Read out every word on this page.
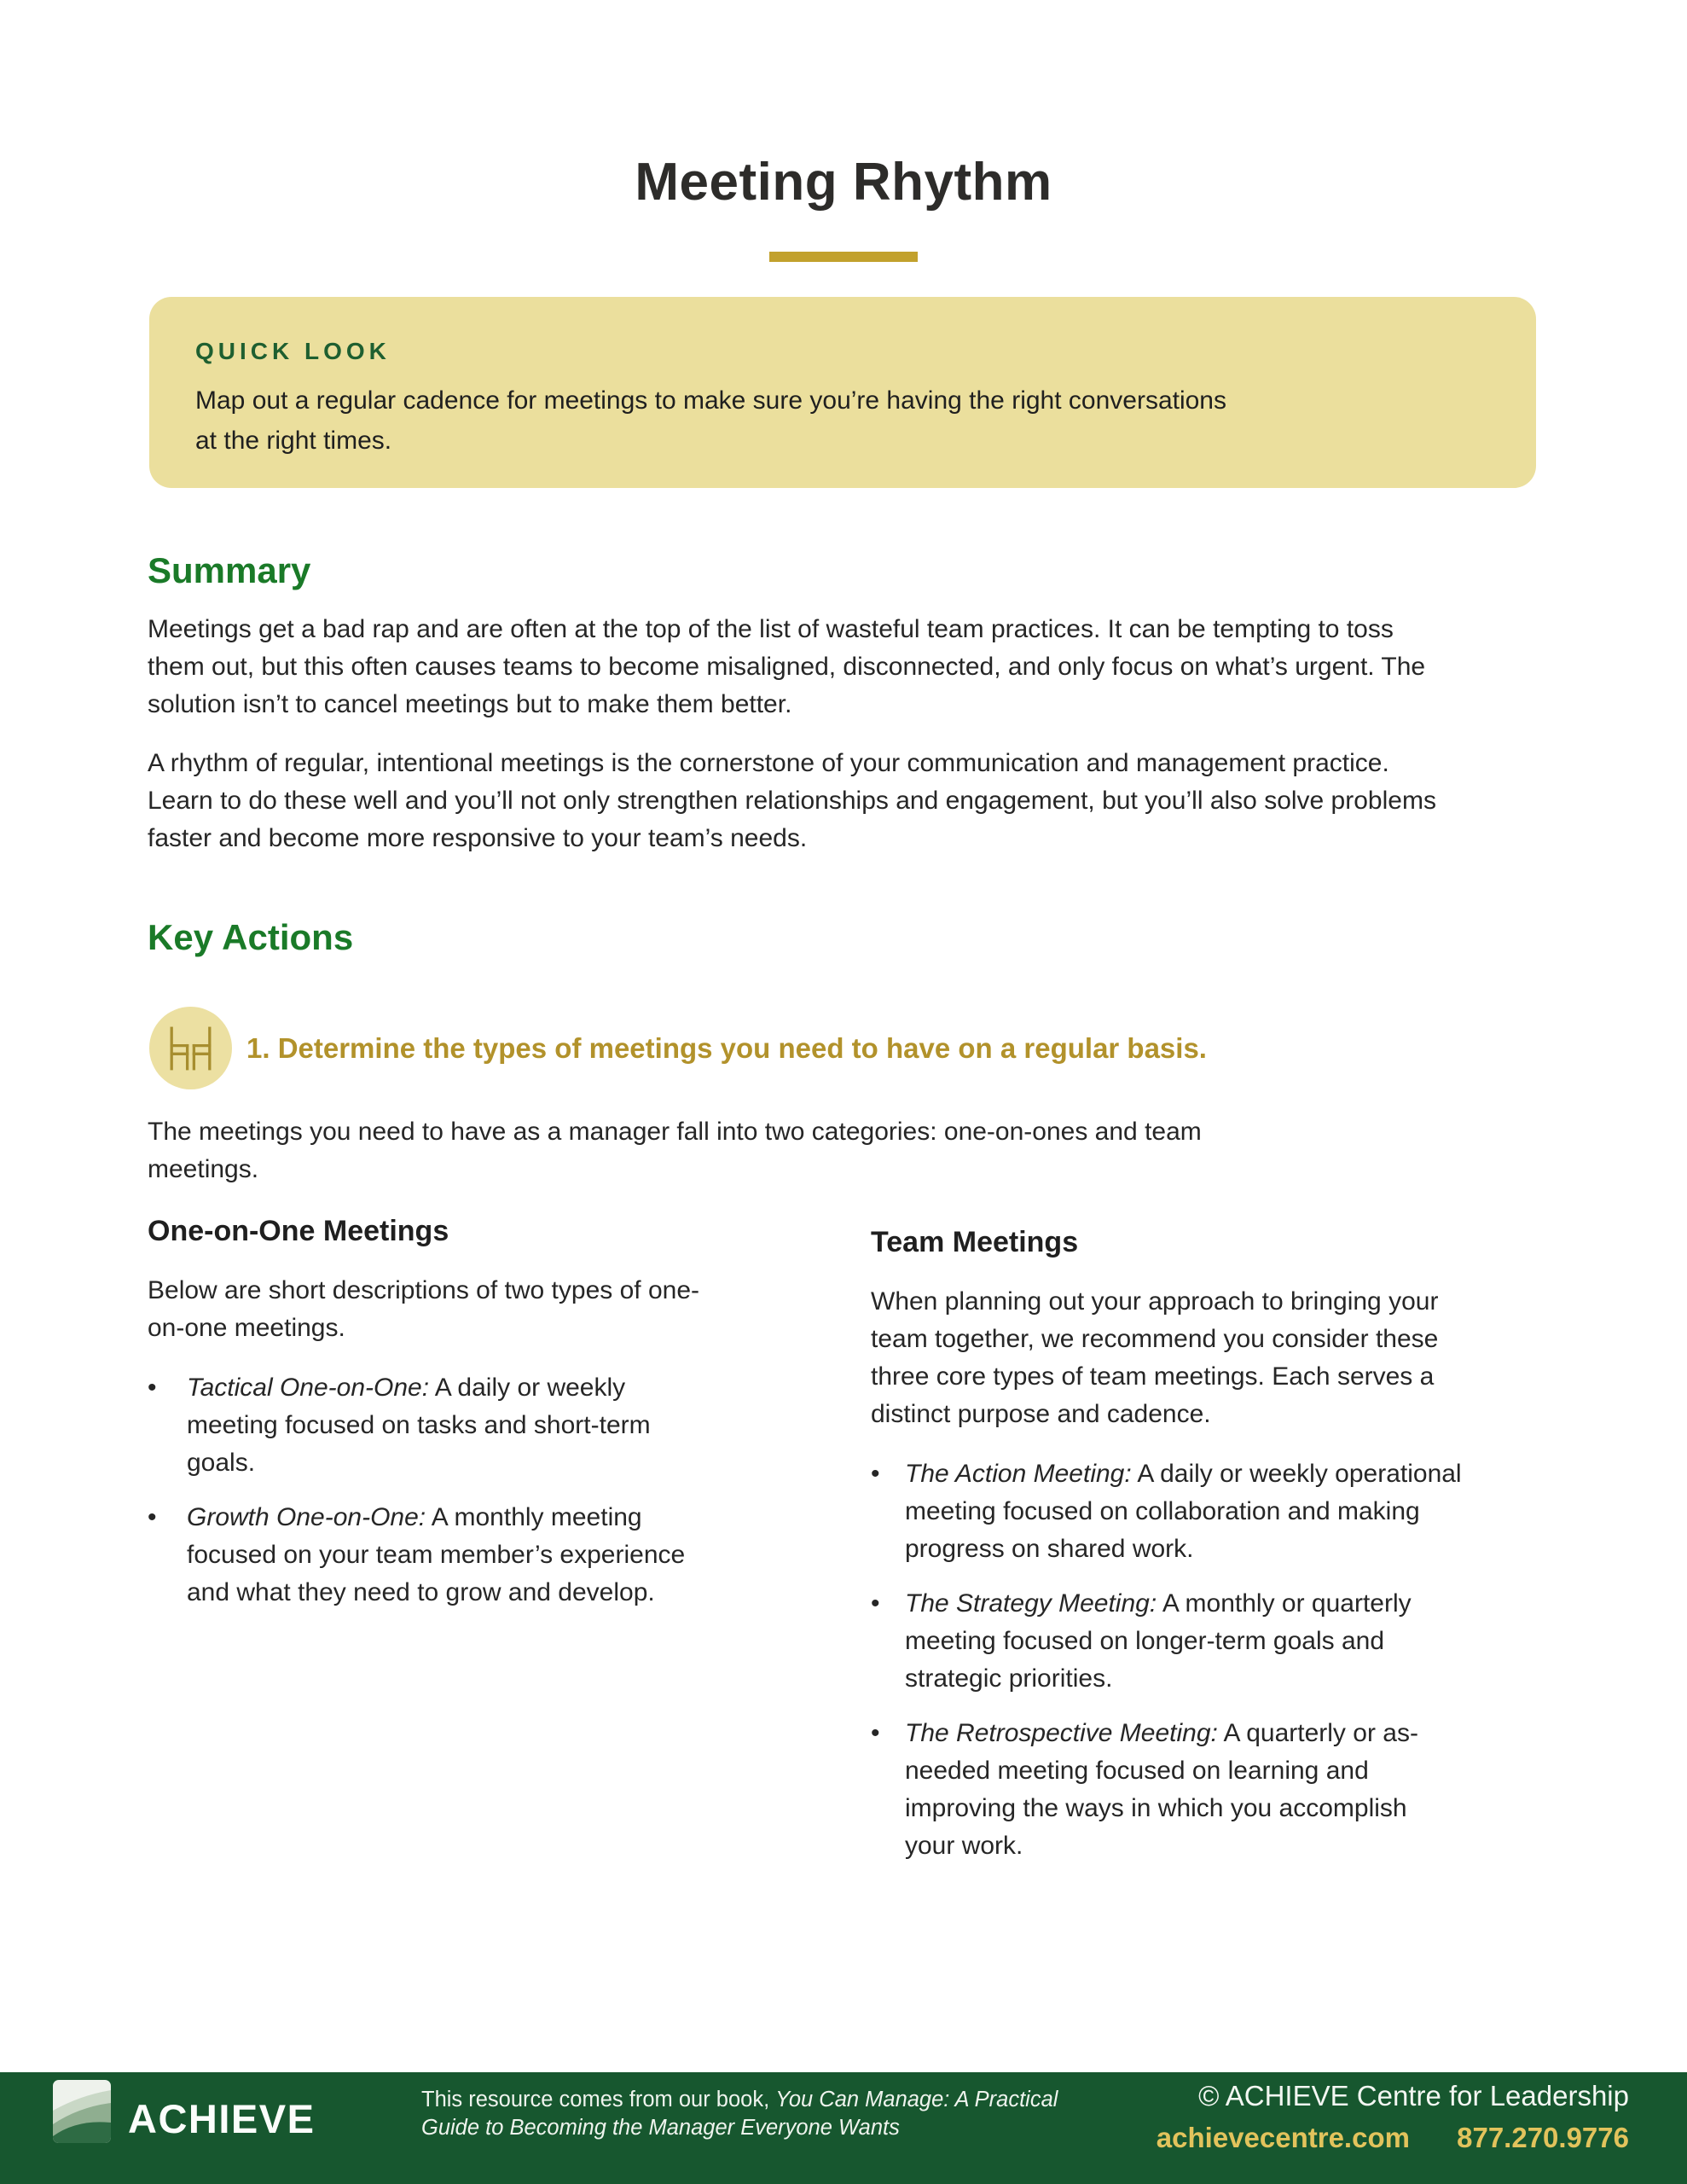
Meeting Rhythm
QUICK LOOK
Map out a regular cadence for meetings to make sure you’re having the right conversations
at the right times.
Summary

Meetings get a bad rap and are often at the top of the list of wasteful team practices. It can be tempting to toss them out, but this often causes teams to become misaligned, disconnected, and only focus on what’s urgent. The solution isn’t to cancel meetings but to make them better.

A rhythm of regular, intentional meetings is the cornerstone of your communication and management practice. Learn to do these well and you’ll not only strengthen relationships and engagement, but you’ll also solve problems faster and become more responsive to your team’s needs.

Key Actions
1. Determine the types of meetings you need to have on a regular basis.

The meetings you need to have as a manager fall into two categories: one-on-ones and team meetings.

One-on-One Meetings

Below are short descriptions of two types of one-on-one meetings.

•	Tactical One-on-One: A daily or weekly meeting focused on tasks and short-term goals.
•	Growth One-on-One: A monthly meeting focused on your team member’s experience and what they need to grow and develop.
Team Meetings

When planning out your approach to bringing your team together, we recommend you consider these three core types of team meetings. Each serves a distinct purpose and cadence.

• The Action Meeting: A daily or weekly operational meeting focused on collaboration and making progress on shared work.
• The Strategy Meeting: A monthly or quarterly meeting focused on longer-term goals and strategic priorities.
• The Retrospective Meeting: A quarterly or as-needed meeting focused on learning and improving the ways in which you accomplish your work.
ACHIEVE	This resource comes from our book, You Can Manage: A Practical
Guide to Becoming the Manager Everyone Wants
© ACHIEVE Centre for Leadership
achievecentre.com 877.270.9776
